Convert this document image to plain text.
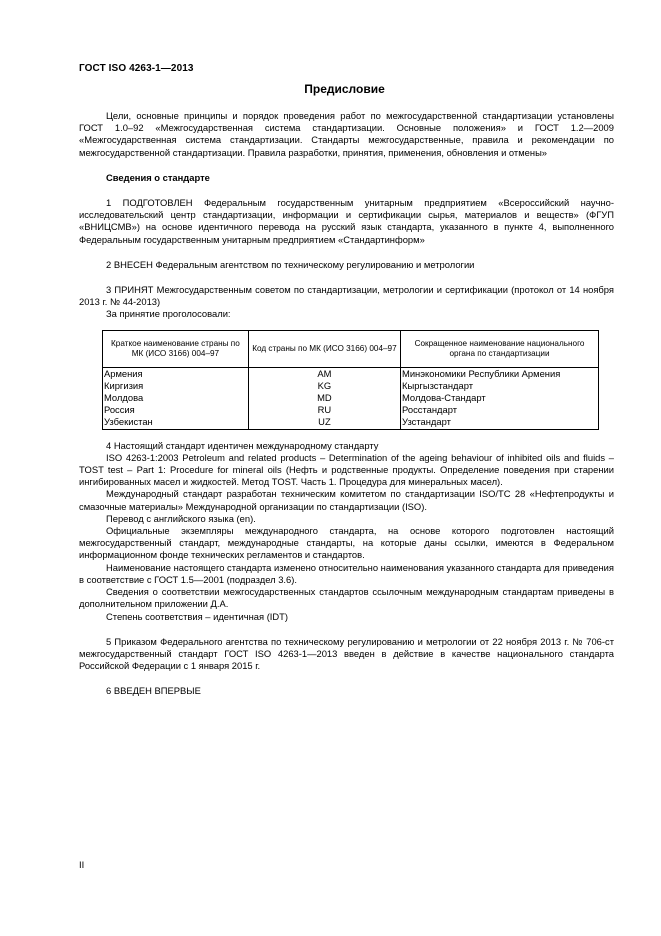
ГОСТ ISO 4263-1—2013
Предисловие

Цели, основные принципы и порядок проведения работ по межгосударственной стандартизации установлены ГОСТ 1.0–92 «Межгосударственная система стандартизации. Основные положения» и ГОСТ 1.2—2009 «Межгосударственная система стандартизации. Стандарты межгосударственные, правила и рекомендации по межгосударственной стандартизации. Правила разработки, принятия, применения, обновления и отмены»

Сведения о стандарте

1 ПОДГОТОВЛЕН Федеральным государственным унитарным предприятием «Всероссийский научно-исследовательский центр стандартизации, информации и сертификации сырья, материалов и веществ» (ФГУП «ВНИЦСМВ») на основе идентичного перевода на русский язык стандарта, указанного в пункте 4, выполненного Федеральным государственным унитарным предприятием «Стандартинформ»

2 ВНЕСЕН Федеральным агентством по техническому регулированию и метрологии

3 ПРИНЯТ Межгосударственным советом по стандартизации, метрологии и сертификации (протокол от 14 ноября 2013 г. № 44-2013)

За принятие проголосовали:

Краткое наименование страны по МК (ИСО 3166) 004–97	Код страны по МК (ИСО 3166) 004–97	Сокращенное наименование национального органа по стандартизации
Армения	AM	Минэкономики Республики Армения
Киргизия	KG	Кыргызстандарт
Молдова	MD	Молдова-Стандарт
Россия	RU	Росстандарт
Узбекистан	UZ	Узстандарт

4 Настоящий стандарт идентичен международному стандарту

ISO 4263-1:2003 Petroleum and related products – Determination of the ageing behaviour of inhibited oils and fluids – TOST test – Part 1: Procedure for mineral oils (Нефть и родственные продукты. Определение поведения при старении ингибированных масел и жидкостей. Метод TOST. Часть 1. Процедура для минеральных масел).

Международный стандарт разработан техническим комитетом по стандартизации ISO/TC 28 «Нефтепродукты и смазочные материалы» Международной организации по стандартизации (ISO).

Перевод с английского языка (en).

Официальные экземпляры международного стандарта, на основе которого подготовлен настоящий межгосударственный стандарт, международные стандарты, на которые даны ссылки, имеются в Федеральном информационном фонде технических регламентов и стандартов.

Наименование настоящего стандарта изменено относительно наименования указанного стандарта для приведения в соответствие с ГОСТ 1.5—2001 (подраздел 3.6).

Сведения о соответствии межгосударственных стандартов ссылочным международным стандартам приведены в дополнительном приложении Д.А.

Степень соответствия – идентичная (IDT)

5 Приказом Федерального агентства по техническому регулированию и метрологии от 22 ноября 2013 г. № 706-ст межгосударственный стандарт ГОСТ ISO 4263-1—2013 введен в действие в качестве национального стандарта Российской Федерации с 1 января 2015 г.

6 ВВЕДЕН ВПЕРВЫЕ

II
